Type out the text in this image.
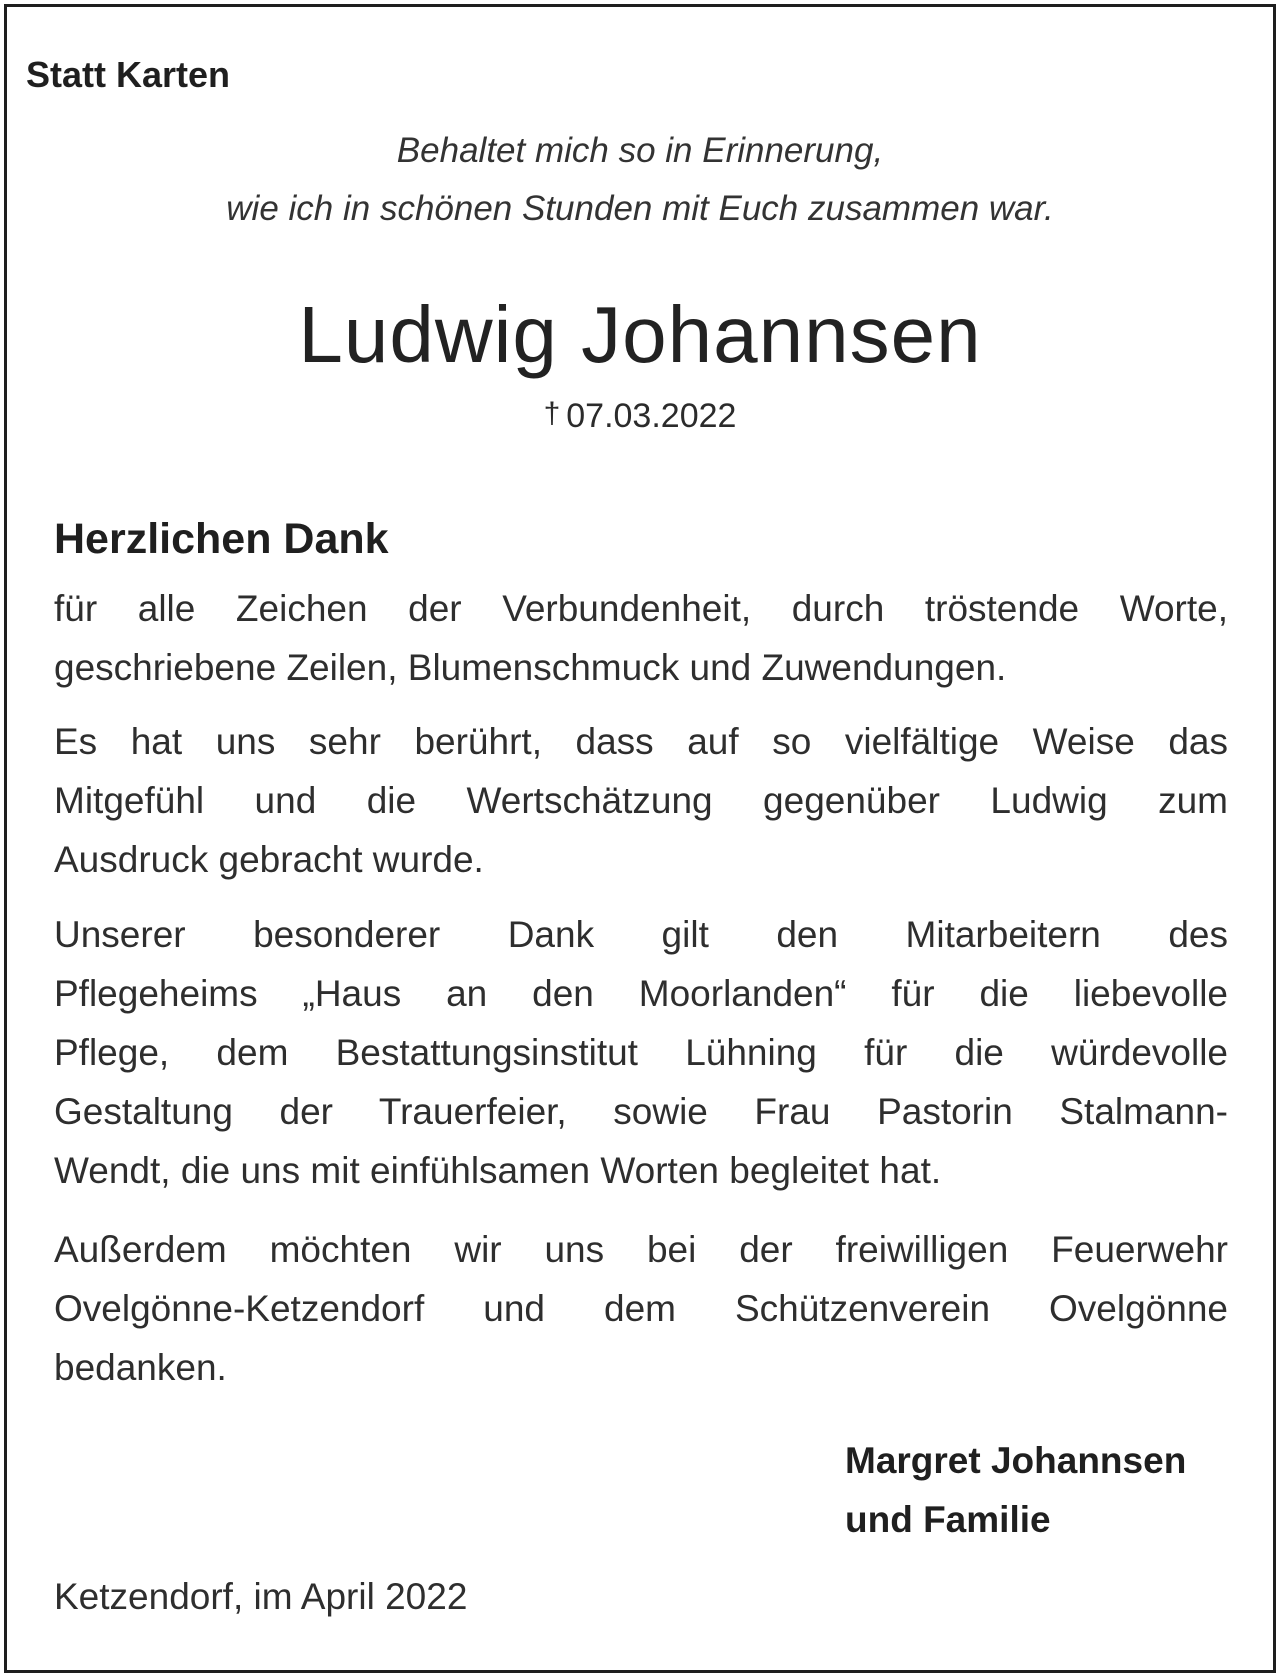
Statt Karten
Behaltet mich so in Erinnerung,
wie ich in schönen Stunden mit Euch zusammen war.
Ludwig Johannsen
† 07.03.2022
Herzlichen Dank
für alle Zeichen der Verbundenheit, durch tröstende Worte,
geschriebene Zeilen, Blumenschmuck und Zuwendungen.
Es hat uns sehr berührt, dass auf so vielfältige Weise das
Mitgefühl und die Wertschätzung gegenüber Ludwig zum
Ausdruck gebracht wurde.
Unserer besonderer Dank gilt den Mitarbeitern des
Pflegeheims „Haus an den Moorlanden“ für die liebevolle
Pflege, dem Bestattungsinstitut Lühning für die würdevolle
Gestaltung der Trauerfeier, sowie Frau Pastorin Stalmann-
Wendt, die uns mit einfühlsamen Worten begleitet hat.
Außerdem möchten wir uns bei der freiwilligen Feuerwehr
Ovelgönne-Ketzendorf und dem Schützenverein Ovelgönne
bedanken.
Margret Johannsen
und Familie
Ketzendorf, im April 2022
